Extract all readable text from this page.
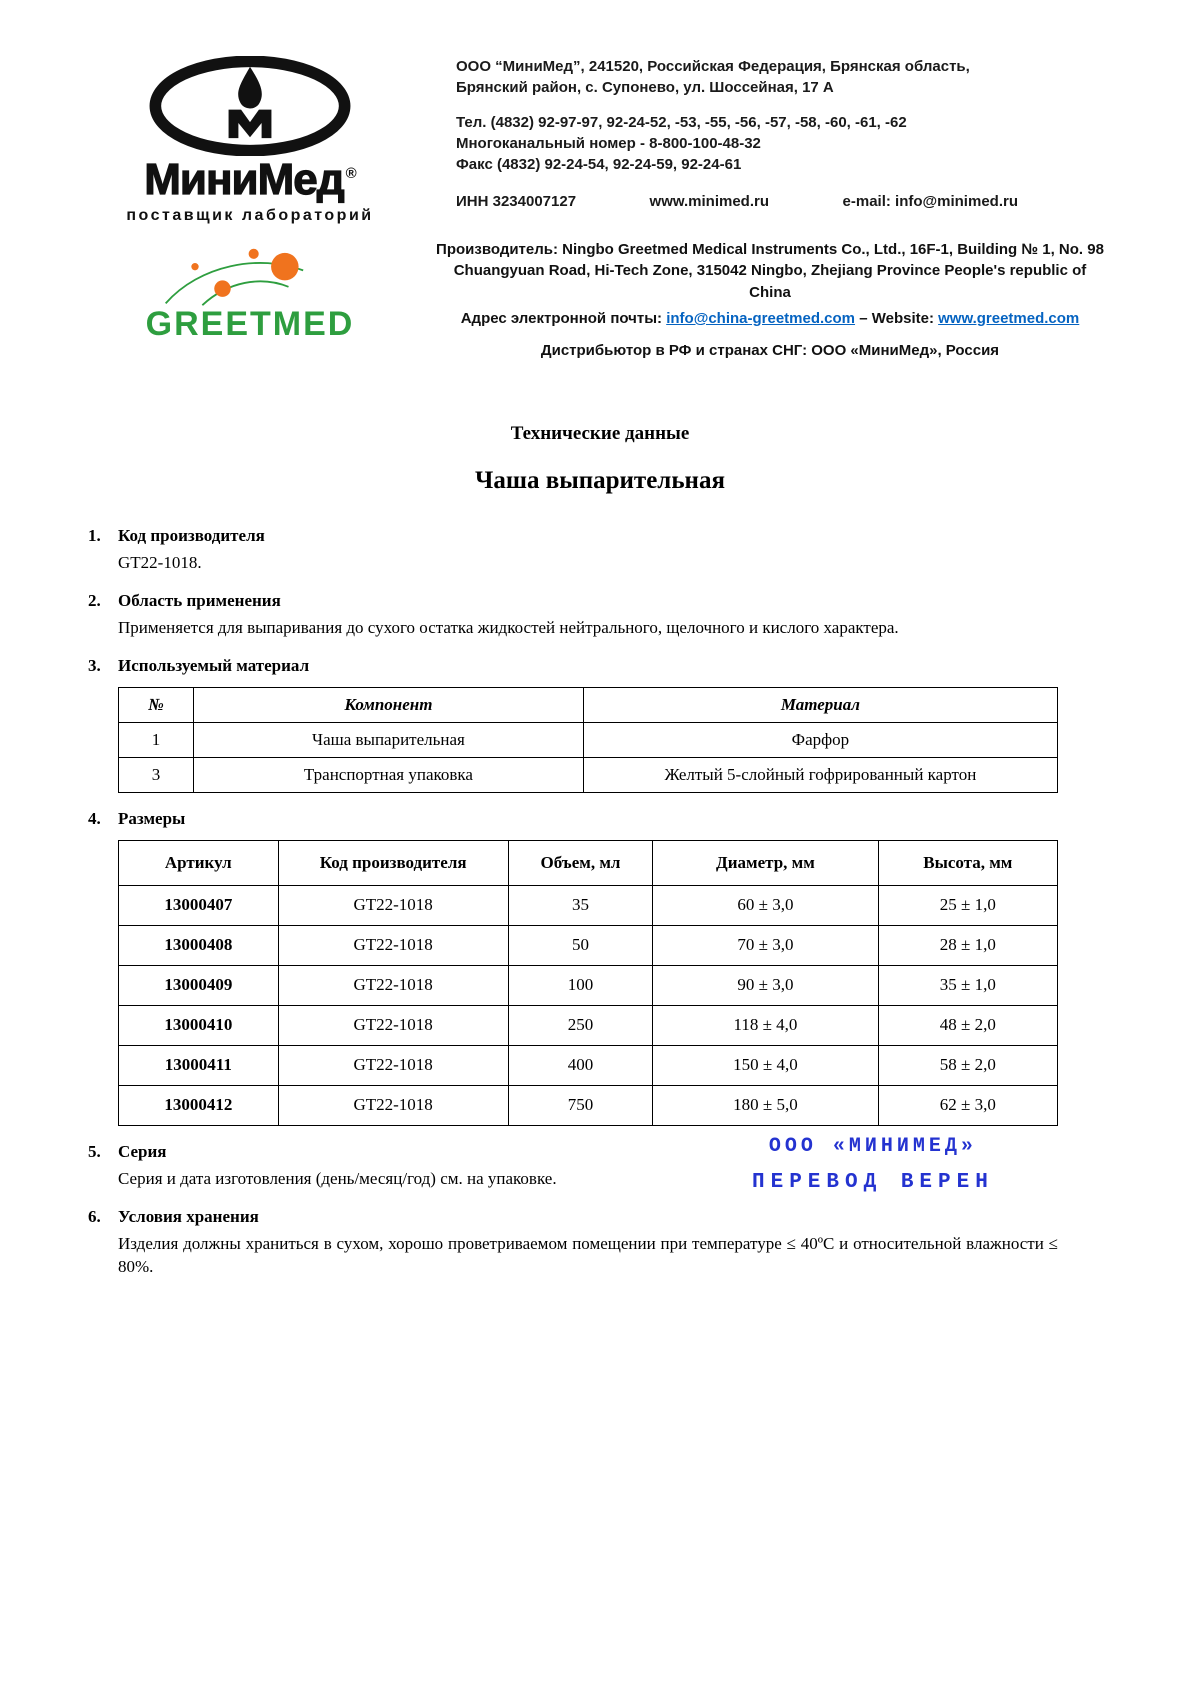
МиниМед ®
поставщик лабораторий
ООО “МиниМед”, 241520, Российская Федерация, Брянская область,
Брянский район, с. Супонево, ул. Шоссейная, 17 А
Тел. (4832) 92-97-97, 92-24-52, -53, -55, -56, -57, -58, -60, -61, -62
Многоканальный номер - 8-800-100-48-32
Факс (4832) 92-24-54, 92-24-59, 92-24-61
ИНН 3234007127	www.minimed.ru	e-mail: info@minimed.ru
GREETMED
Производитель: Ningbo Greetmed Medical Instruments Co., Ltd., 16F-1, Building № 1, No. 98
Chuangyuan Road, Hi-Tech Zone, 315042 Ningbo, Zhejiang Province People's republic of China
Адрес электронной почты: info@china-greetmed.com – Website: www.greetmed.com
Дистрибьютор в РФ и странах СНГ: ООО «МиниМед», Россия
Технические данные
Чаша выпарительная
1.	Код производителя

GT22-1018.

2.	Область применения

Применяется для выпаривания до сухого остатка жидкостей нейтрального, щелочного и кислого характера.

3.	Используемый материал
№	Компонент	Материал
1	Чаша выпарительная	Фарфор
3	Транспортная упаковка	Желтый 5-слойный гофрированный картон
4.	Размеры
Артикул	Код производителя	Объем, мл	Диаметр, мм	Высота, мм
13000407	GT22-1018	35	60 ± 3,0	25 ± 1,0
13000408	GT22-1018	50	70 ± 3,0	28 ± 1,0
13000409	GT22-1018	100	90 ± 3,0	35 ± 1,0
13000410	GT22-1018	250	118 ± 4,0	48 ± 2,0
13000411	GT22-1018	400	150 ± 4,0	58 ± 2,0
13000412	GT22-1018	750	180 ± 5,0	62 ± 3,0
5.	Серия

Серия и дата изготовления (день/месяц/год) см. на упаковке.

ООО «МИНИМЕД»
ПЕРЕВОД ВЕРЕН
6.	Условия хранения

Изделия должны храниться в сухом, хорошо проветриваемом помещении при температуре ≤ 40ºС и относительной влажности ≤ 80%.
